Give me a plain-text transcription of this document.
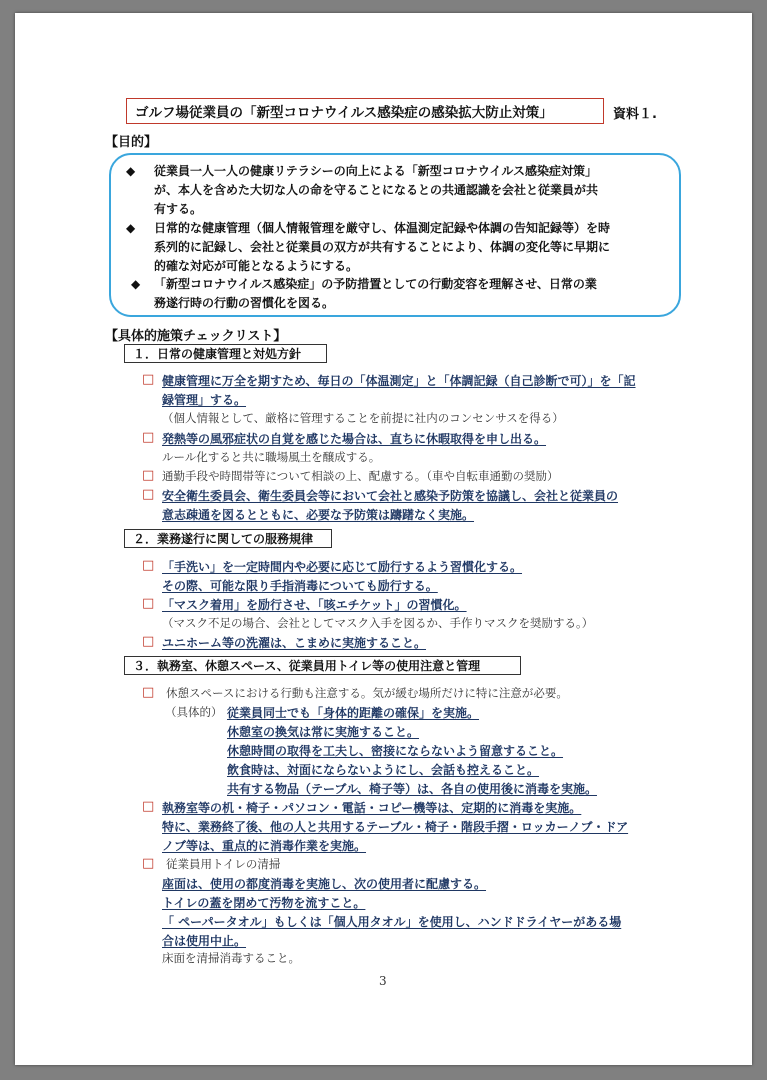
ゴルフ場従業員の「新型コロナウイルス感染症の感染拡大防止対策」	資料１.
【目的】
◆ 従業員一人一人の健康リテラシーの向上による「新型コロナウイルス感染症対策」
が、本人を含めた大切な人の命を守ることになるとの共通認識を会社と従業員が共
有する。
◆ 日常的な健康管理（個人情報管理を厳守し、体温測定記録や体調の告知記録等）を時
系列的に記録し、会社と従業員の双方が共有することにより、体調の変化等に早期に
的確な対応が可能となるようにする。
◆ 「新型コロナウイルス感染症」の予防措置としての行動変容を理解させ、日常の業
務遂行時の行動の習慣化を図る。
【具体的施策チェックリスト】
１．日常の健康管理と対処方針
□ 健康管理に万全を期すため、毎日の「体温測定」と「体調記録（自己診断で可）」を「記
録管理」する。
（個人情報として、厳格に管理することを前提に社内のコンセンサスを得る）
□ 発熱等の風邪症状の自覚を感じた場合は、直ちに休暇取得を申し出る。
ルール化すると共に職場風土を醸成する。
□ 通勤手段や時間帯等について相談の上、配慮する。（車や自転車通勤の奨励）
□ 安全衛生委員会、衛生委員会等において会社と感染予防策を協議し、会社と従業員の
意志疎通を図るとともに、必要な予防策は躊躇なく実施。
２．業務遂行に関しての服務規律
□ 「手洗い」を一定時間内や必要に応じて励行するよう習慣化する。
その際、可能な限り手指消毒についても励行する。
□ 「マスク着用」を励行させ、「咳エチケット」の習慣化。
（マスク不足の場合、会社としてマスク入手を図るか、手作りマスクを奨励する。）
□ ユニホーム等の洗濯は、こまめに実施すること。
３．執務室、休憩スペース、従業員用トイレ等の使用注意と管理
□ 休憩スペースにおける行動も注意する。気が緩む場所だけに特に注意が必要。
（具体的） 従業員同士でも「身体的距離の確保」を実施。
休憩室の換気は常に実施すること。
休憩時間の取得を工夫し、密接にならないよう留意すること。
飲食時は、対面にならないようにし、会話も控えること。
共有する物品（テーブル、椅子等）は、各自の使用後に消毒を実施。
□ 執務室等の机・椅子・パソコン・電話・コピー機等は、定期的に消毒を実施。
特に、業務終了後、他の人と共用するテーブル・椅子・階段手摺・ロッカーノブ・ドア
ノブ等は、重点的に消毒作業を実施。
□ 従業員用トイレの清掃
座面は、使用の都度消毒を実施し、次の使用者に配慮する。
トイレの蓋を閉めて汚物を流すこと。
「 ペーパータオル」もしくは「個人用タオル」を使用し、ハンドドライヤーがある場
合は使用中止。
床面を清掃消毒すること。
3
